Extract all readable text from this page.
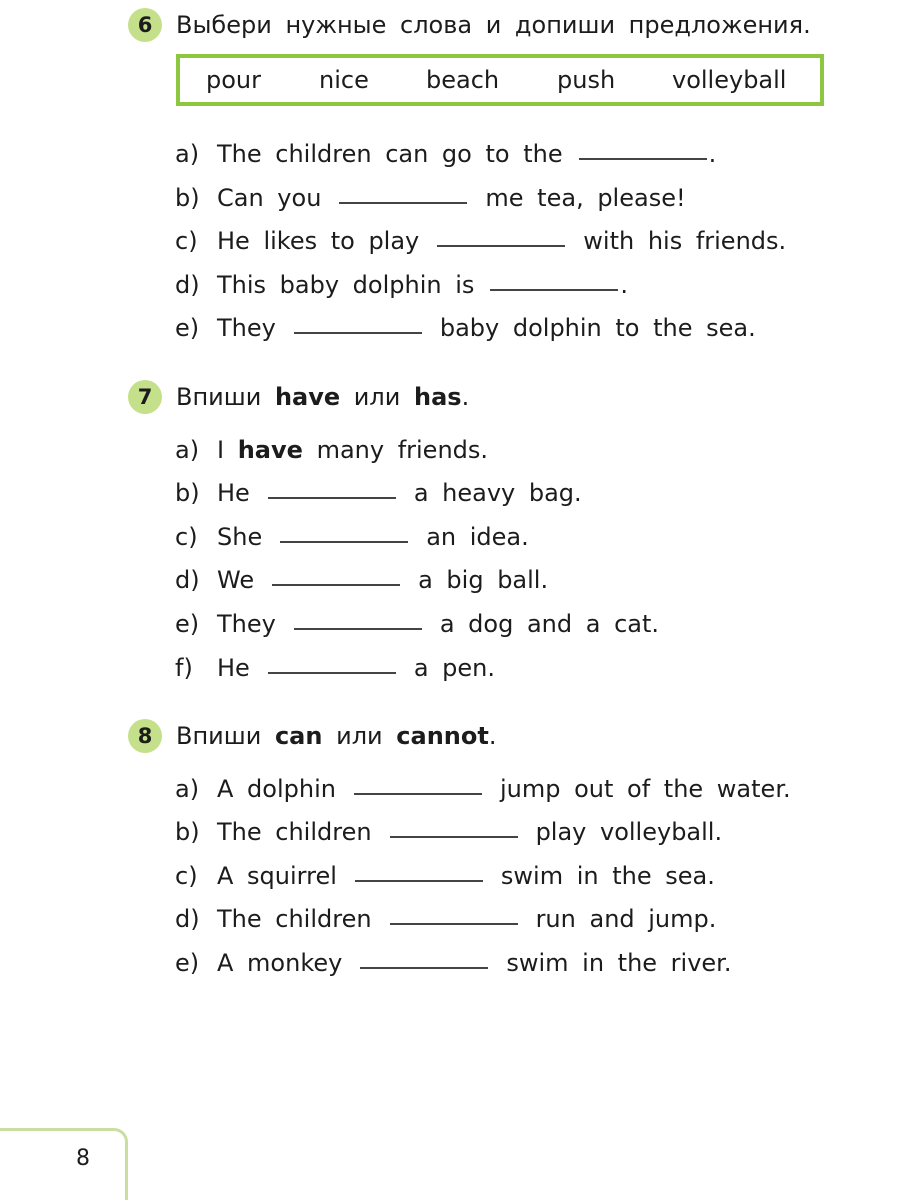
6 Выбери нужные слова и допиши предложения.
pour nice beach push volleyball
a) The children can go to the	.
b) Can you	me tea, please!
c) He likes to play	with his friends.
d) This baby dolphin is	.
e) They	baby dolphin to the sea.
7 Впиши have или has.
a) I
have
many friends.
b) He	a heavy bag.
c) She	an idea.
d) We	a big ball.
e) They	a dog and a cat.
f)	He	a pen.
8 Впиши can или cannot.
a) A dolphin	jump out of the water.
b) The children	play volleyball.
c) A squirrel	swim in the sea.
d) The children	run and jump.
e) A monkey	swim in the river.
8
